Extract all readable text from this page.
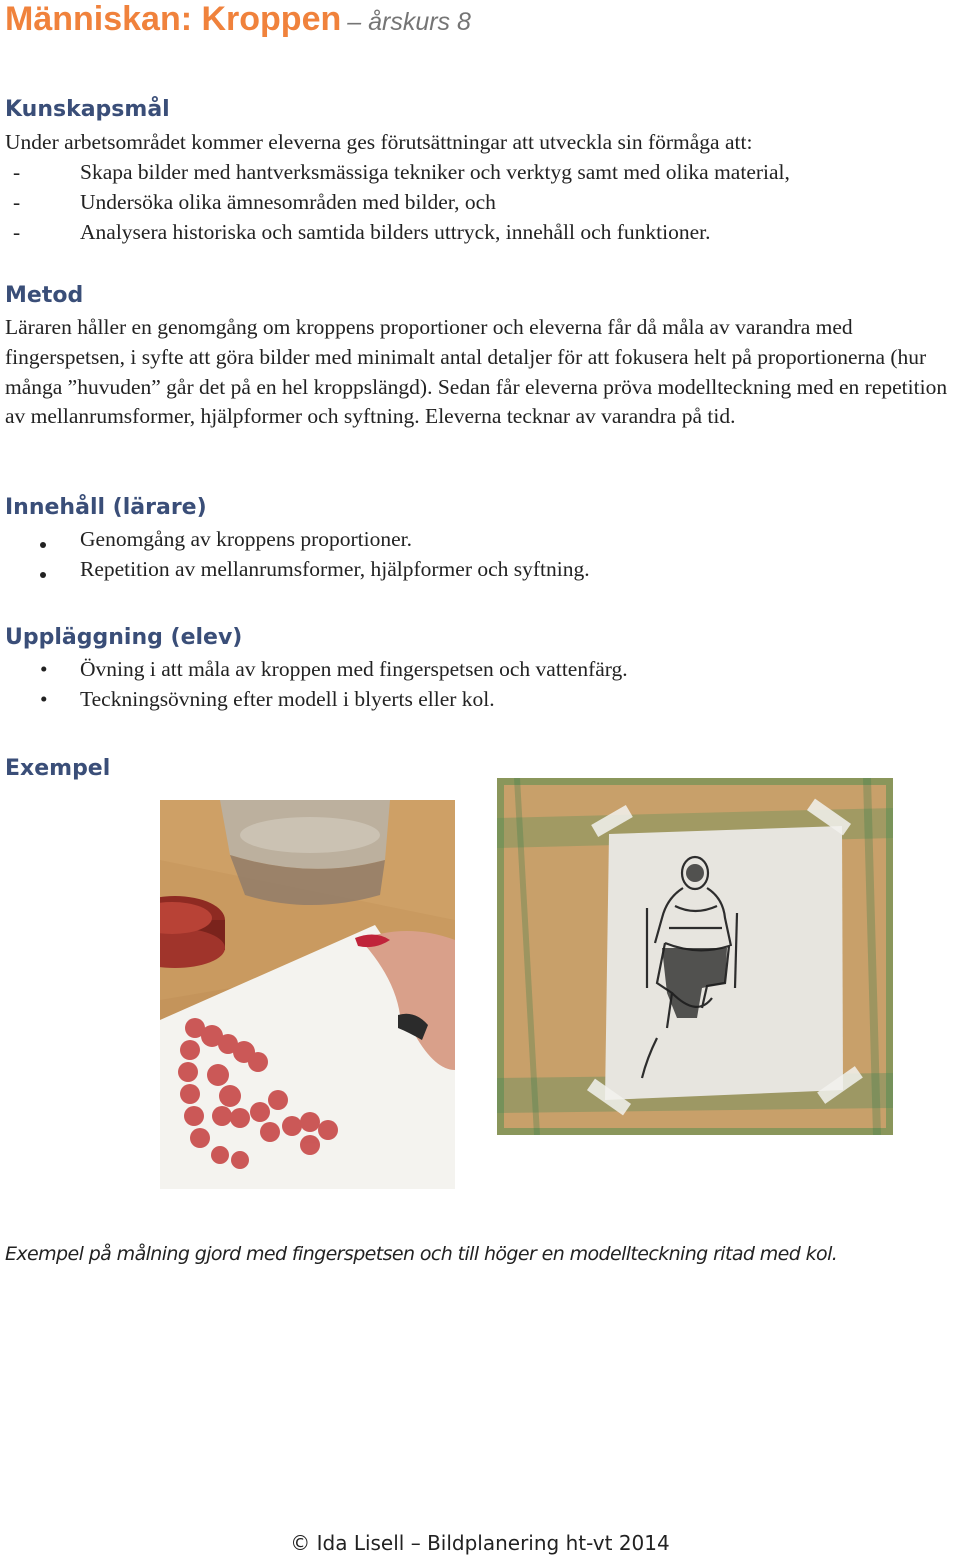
Människan: Kroppen – årskurs 8
Kunskapsmål
Under arbetsområdet kommer eleverna ges förutsättningar att utveckla sin förmåga att:
-	Skapa bilder med hantverksmässiga tekniker och verktyg samt med olika material,
-	Undersöka olika ämnesområden med bilder, och
-	Analysera historiska och samtida bilders uttryck, innehåll och funktioner.
Metod

Läraren håller en genomgång om kroppens proportioner och eleverna får då måla av varandra med fingerspetsen, i syfte att göra bilder med minimalt antal detaljer för att fokusera helt på proportionerna (hur många ”huvuden” går det på en hel kroppslängd). Sedan får eleverna pröva modellteckning med en repetition av mellanrumsformer, hjälpformer och syftning. Eleverna tecknar av varandra på tid.

Innehåll (lärare)
Genomgång av kroppens proportioner.
Repetition av mellanrumsformer, hjälpformer och syftning.
Uppläggning (elev)
• Övning i att måla av kroppen med fingerspetsen och vattenfärg.
• Teckningsövning efter modell i blyerts eller kol.
Exempel
Exempel på målning gjord med fingerspetsen och till höger en modellteckning ritad med kol.
© Ida Lisell – Bildplanering ht-vt 2014
